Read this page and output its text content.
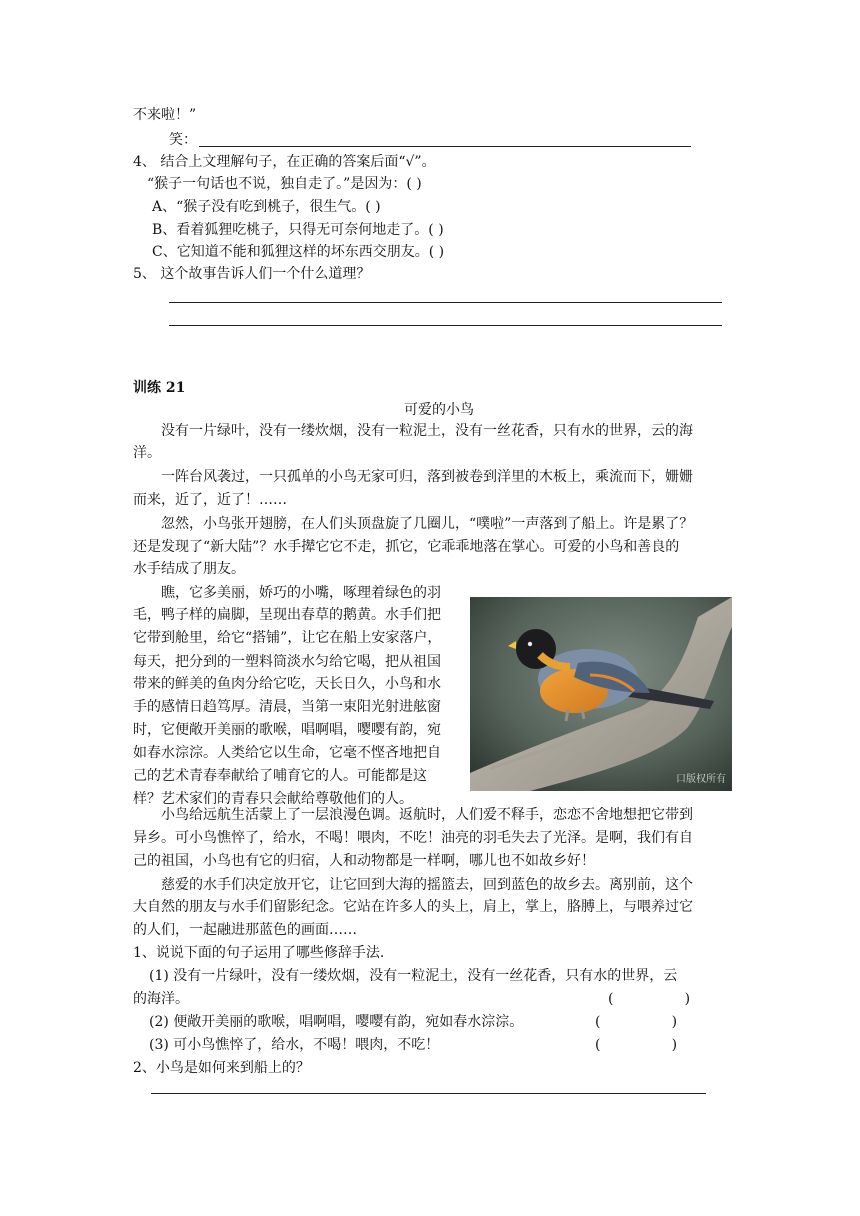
不来啦！”
笑：
4、 结合上文理解句子，在正确的答案后面“√”。
“猴子一句话也不说，独自走了。”是因为：( )
A、“猴子没有吃到桃子，很生气。( )
B、看着狐狸吃桃子，只得无可奈何地走了。( )
C、它知道不能和狐狸这样的坏东西交朋友。( )
5、 这个故事告诉人们一个什么道理？
训练 21
可爱的小鸟
没有一片绿叶，没有一缕炊烟，没有一粒泥土，没有一丝花香，只有水的世界，云的海
洋。
一阵台风袭过，一只孤单的小鸟无家可归，落到被卷到洋里的木板上，乘流而下，姗姗
而来，近了，近了！……
忽然，小鸟张开翅膀，在人们头顶盘旋了几圈儿，“噗啦”一声落到了船上。许是累了？
还是发现了“新大陆”？水手撵它它不走，抓它，它乖乖地落在掌心。可爱的小鸟和善良的
水手结成了朋友。
瞧，它多美丽，娇巧的小嘴，啄理着绿色的羽
毛，鸭子样的扁脚，呈现出春草的鹅黄。水手们把
它带到舱里，给它“搭铺”，让它在船上安家落户，
每天，把分到的一塑料筒淡水匀给它喝，把从祖国
带来的鲜美的鱼肉分给它吃，天长日久，小鸟和水
手的感情日趋笃厚。清晨，当第一束阳光射进舷窗
时，它便敞开美丽的歌喉，唱啊唱，嘤嘤有韵，宛
如春水淙淙。人类给它以生命，它毫不悭吝地把自
己的艺术青春奉献给了哺育它的人。可能都是这
样？艺术家们的青春只会献给尊敬他们的人。
口版权所有
小鸟给远航生活蒙上了一层浪漫色调。返航时，人们爱不释手，恋恋不舍地想把它带到
异乡。可小鸟憔悴了，给水，不喝！喂肉，不吃！油亮的羽毛失去了光泽。是啊，我们有自
己的祖国，小鸟也有它的归宿，人和动物都是一样啊，哪儿也不如故乡好！
慈爱的水手们决定放开它，让它回到大海的摇篮去，回到蓝色的故乡去。离别前，这个
大自然的朋友与水手们留影纪念。它站在许多人的头上，肩上，掌上，胳膊上，与喂养过它
的人们，一起融进那蓝色的画面……
1、说说下面的句子运用了哪些修辞手法.
(1) 没有一片绿叶，没有一缕炊烟，没有一粒泥土，没有一丝花香，只有水的世界，云
的海洋。	(                )
(2) 便敞开美丽的歌喉，唱啊唱，嘤嘤有韵，宛如春水淙淙。	(                )
(3) 可小鸟憔悴了，给水，不喝！喂肉，不吃！	(                )
2、小鸟是如何来到船上的？
